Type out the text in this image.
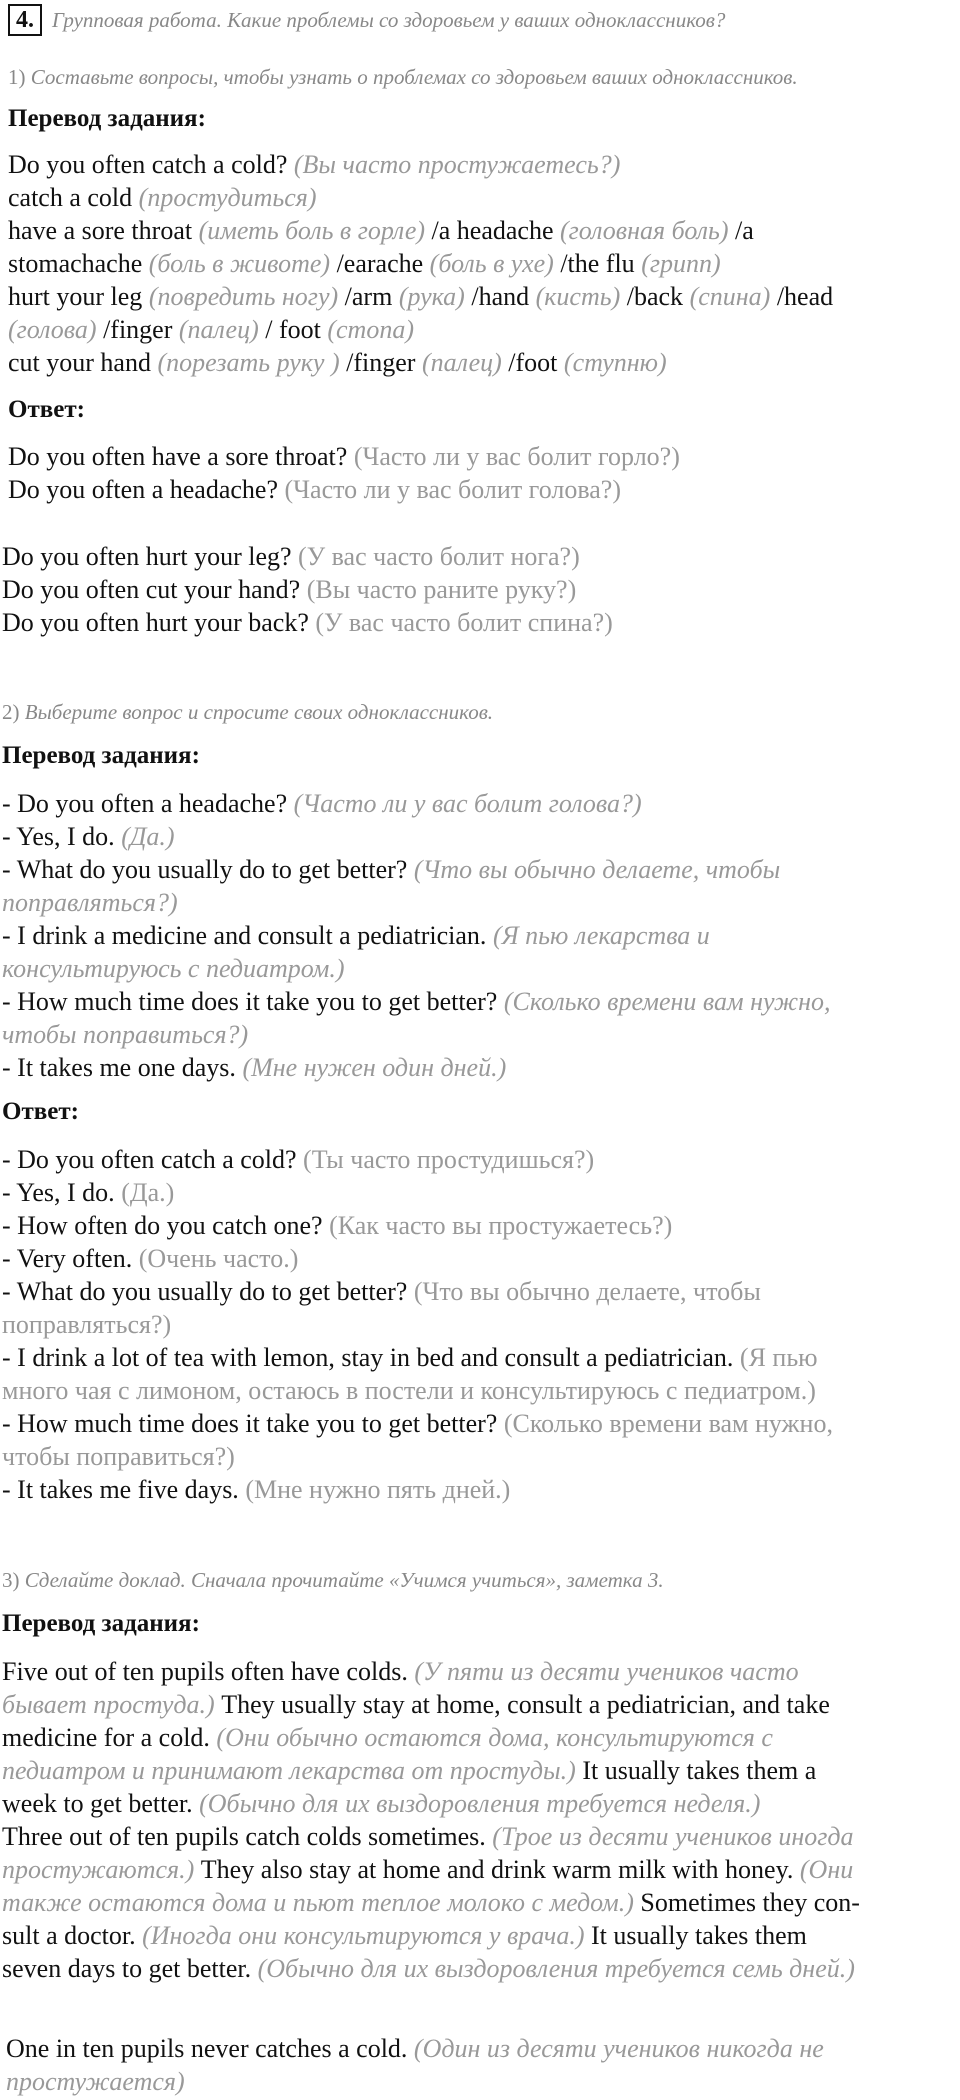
4. Групповая работа. Какие проблемы со здоровьем у ваших одноклассников?
1) Составьте вопросы, чтобы узнать о проблемах со здоровьем ваших одноклассников.
Перевод задания:
Do you often catch a cold? (Вы часто простужаетесь?)
catch a cold (простудиться)
have a sore throat (иметь боль в горле) /a headache (головная боль) /a
stomachache (боль в животе) /earache (боль в ухе) /the flu (грипп)
hurt your leg (повредить ногу) /arm (рука) /hand (кисть) /back (спина) /head
(голова) /finger (палец) / foot (стопа)
cut your hand (порезать руку ) /finger (палец) /foot (ступню)
Ответ:
Do you often have a sore throat? (Часто ли у вас болит горло?)
Do you often a headache? (Часто ли у вас болит голова?)
Do you often hurt your leg? (У вас часто болит нога?)
Do you often cut your hand? (Вы часто раните руку?)
Do you often hurt your back? (У вас часто болит спина?)
2) Выберите вопрос и спросите своих одноклассников.
Перевод задания:
- Do you often a headache? (Часто ли у вас болит голова?)
- Yes, I do. (Да.)
- What do you usually do to get better? (Что вы обычно делаете, чтобы
поправляться?)
- I drink a medicine and consult a pediatrician. (Я пью лекарства и
консультируюсь с педиатром.)
- How much time does it take you to get better? (Сколько времени вам нужно,
чтобы поправиться?)
- It takes me one days. (Мне нужен один дней.)
Ответ:
- Do you often catch a cold? (Ты часто простудишься?)
- Yes, I do. (Да.)
- How often do you catch one? (Как часто вы простужаетесь?)
- Very often. (Очень часто.)
- What do you usually do to get better? (Что вы обычно делаете, чтобы
поправляться?)
- I drink a lot of tea with lemon, stay in bed and consult a pediatrician. (Я пью
много чая с лимоном, остаюсь в постели и консультируюсь с педиатром.)
- How much time does it take you to get better? (Сколько времени вам нужно,
чтобы поправиться?)
- It takes me five days. (Мне нужно пять дней.)
3) Сделайте доклад. Сначала прочитайте «Учимся учиться», заметка 3.
Перевод задания:
Five out of ten pupils often have colds. (У пяти из десяти учеников часто
бывает простуда.) They usually stay at home, consult a pediatrician, and take
medicine for a cold. (Они обычно остаются дома, консультируются с
педиатром и принимают лекарства от простуды.) It usually takes them a
week to get better. (Обычно для их выздоровления требуется неделя.)
Three out of ten pupils catch colds sometimes. (Трое из десяти учеников иногда
простужаются.) They also stay at home and drink warm milk with honey. (Они
также остаются дома и пьют теплое молоко с медом.) Sometimes they con-
sult a doctor. (Иногда они консультируются у врача.) It usually takes them
seven days to get better. (Обычно для их выздоровления требуется семь дней.)
One in ten pupils never catches a cold. (Один из десяти учеников никогда не
простужается)
